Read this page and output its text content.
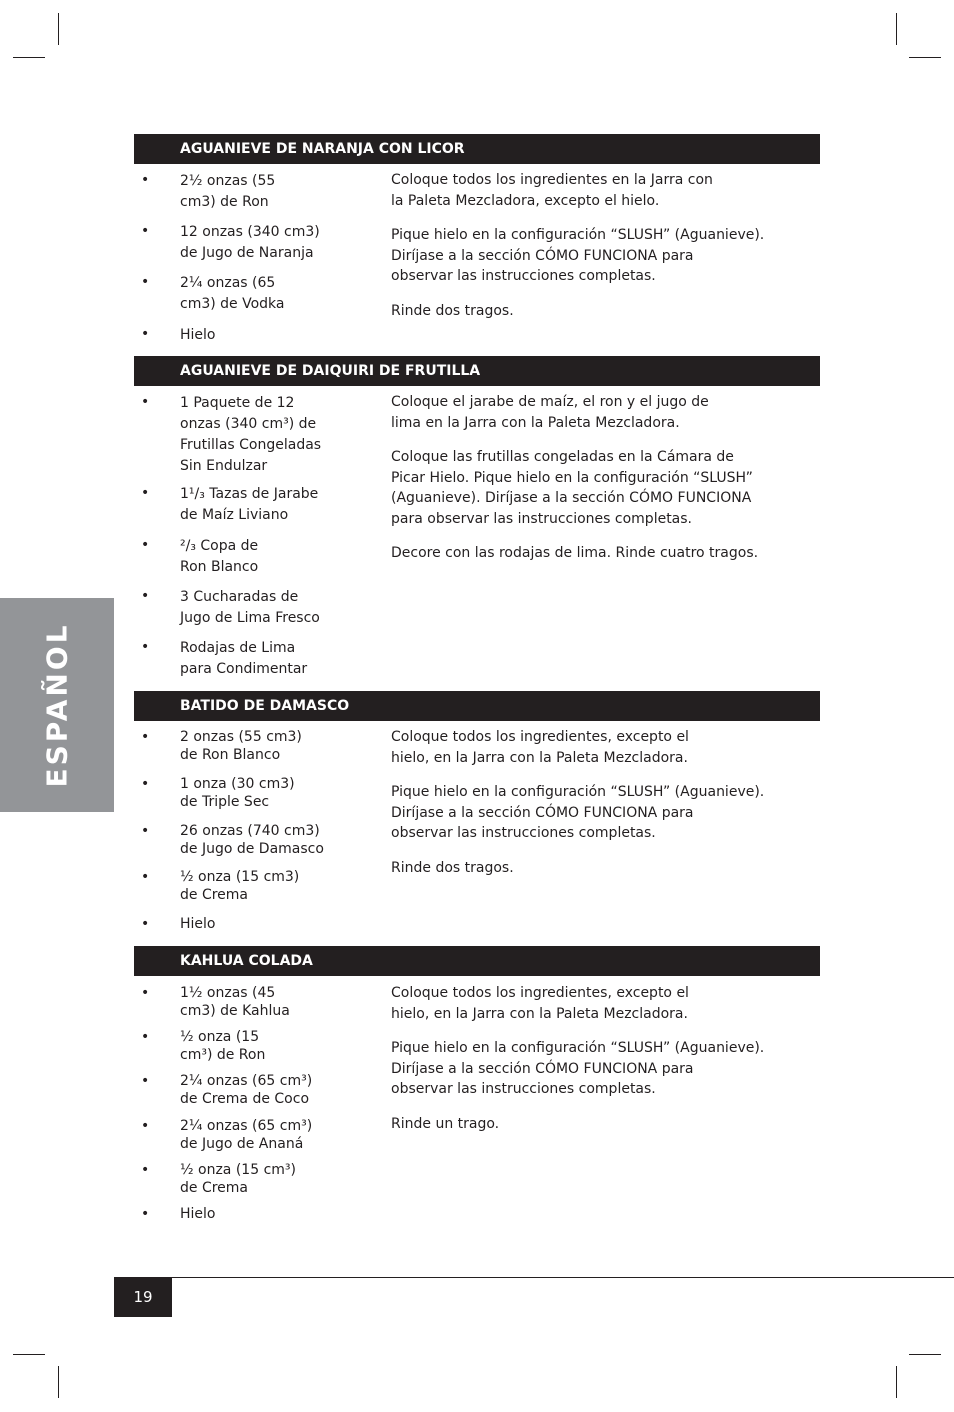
ESPAÑOL
AGUANIEVE DE NARANJA CON LICOR
• 2½ onzas (55
cm3) de Ron
• 12 onzas (340 cm3)
de Jugo de Naranja
• 2¼ onzas (65
cm3) de Vodka
• Hielo

Coloque todos los ingredientes en la Jarra con
la Paleta Mezcladora, excepto el hielo.

Pique hielo en la configuración “SLUSH” (Aguanieve).
Diríjase a la sección CÓMO FUNCIONA para
observar las instrucciones completas.

Rinde dos tragos.

AGUANIEVE DE DAIQUIRI DE FRUTILLA
• 1 Paquete de 12
onzas (340 cm³) de
Frutillas Congeladas
Sin Endulzar
• 1¹/₃ Tazas de Jarabe
de Maíz Liviano
• ²/₃ Copa de
Ron Blanco
• 3 Cucharadas de
Jugo de Lima Fresco
• Rodajas de Lima
para Condimentar

Coloque el jarabe de maíz, el ron y el jugo de
lima en la Jarra con la Paleta Mezcladora.

Coloque las frutillas congeladas en la Cámara de
Picar Hielo. Pique hielo en la configuración “SLUSH”
(Aguanieve). Diríjase a la sección CÓMO FUNCIONA
para observar las instrucciones completas.

Decore con las rodajas de lima. Rinde cuatro tragos.

BATIDO DE DAMASCO
• 2 onzas (55 cm3)
de Ron Blanco
• 1 onza (30 cm3)
de Triple Sec
• 26 onzas (740 cm3)
de Jugo de Damasco
• ½ onza (15 cm3)
de Crema
• Hielo

Coloque todos los ingredientes, excepto el
hielo, en la Jarra con la Paleta Mezcladora.

Pique hielo en la configuración “SLUSH” (Aguanieve).
Diríjase a la sección CÓMO FUNCIONA para
observar las instrucciones completas.

Rinde dos tragos.

KAHLUA COLADA
• 1½ onzas (45
cm3) de Kahlua
• ½ onza (15
cm³) de Ron
• 2¼ onzas (65 cm³)
de Crema de Coco
• 2¼ onzas (65 cm³)
de Jugo de Ananá
• ½ onza (15 cm³)
de Crema
• Hielo

Coloque todos los ingredientes, excepto el
hielo, en la Jarra con la Paleta Mezcladora.

Pique hielo en la configuración “SLUSH” (Aguanieve).
Diríjase a la sección CÓMO FUNCIONA para
observar las instrucciones completas.

Rinde un trago.

19
